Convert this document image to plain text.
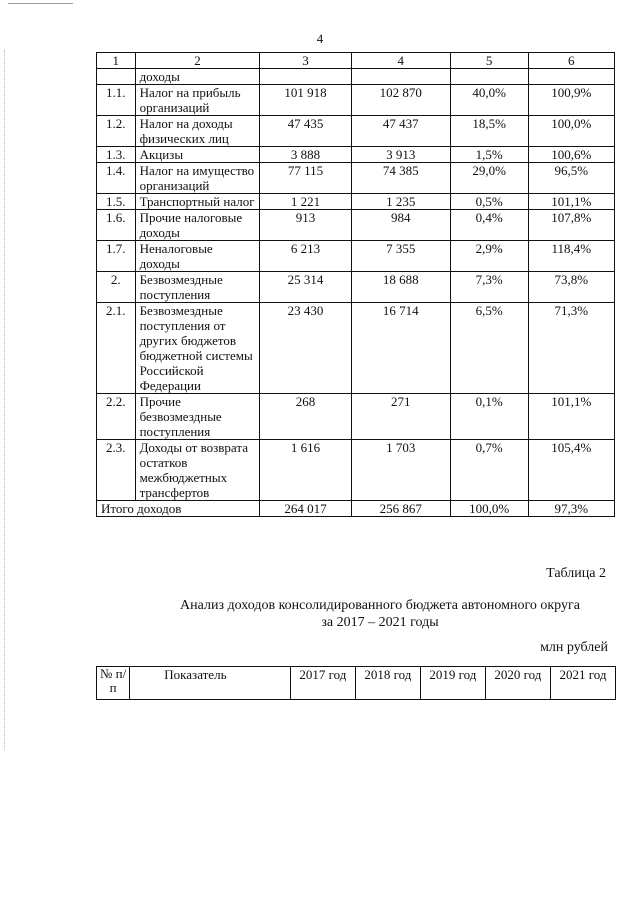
4
1	2	3	4	5	6
	доходы				
1.1.	Налог на прибыль организаций	101 918	102 870	40,0%	100,9%
1.2.	Налог на доходы физических лиц	47 435	47 437	18,5%	100,0%
1.3.	Акцизы	3 888	3 913	1,5%	100,6%
1.4.	Налог на имущество организаций	77 115	74 385	29,0%	96,5%
1.5.	Транспортный налог	1 221	1 235	0,5%	101,1%
1.6.	Прочие налоговые доходы	913	984	0,4%	107,8%
1.7.	Неналоговые доходы	6 213	7 355	2,9%	118,4%
2.	Безвозмездные поступления	25 314	18 688	7,3%	73,8%
2.1.	Безвозмездные поступления от других бюджетов бюджетной системы Российской Федерации	23 430	16 714	6,5%	71,3%
2.2.	Прочие безвозмездные поступления	268	271	0,1%	101,1%
2.3.	Доходы от возврата остатков межбюджетных трансфертов	1 616	1 703	0,7%	105,4%
Итого доходов		264 017	256 867	100,0%	97,3%
Таблица 2
Анализ доходов консолидированного бюджета автономного округа
за 2017 – 2021 годы
млн рублей
№ п/п	Показатель	2017 год	2018 год	2019 год	2020 год	2021 год
